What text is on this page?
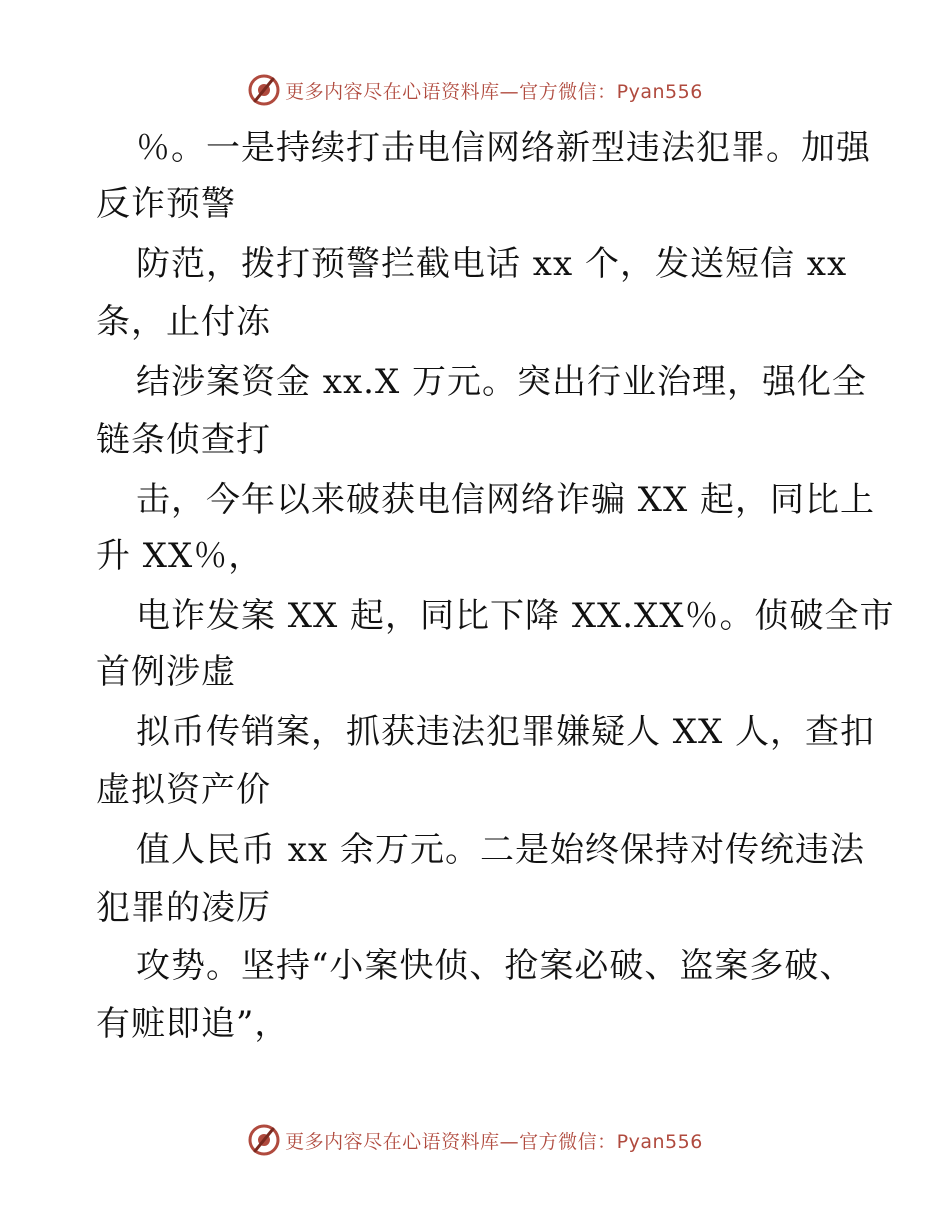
更多内容尽在心语资料库—官方微信：Pyan556
％。一是持续打击电信网络新型违法犯罪。加强
反诈预警
防范，拨打预警拦截电话 xx 个，发送短信 xx
条，止付冻
结涉案资金 xx.X 万元。突出行业治理，强化全
链条侦查打
击，今年以来破获电信网络诈骗 XX 起，同比上
升 XX％，
电诈发案 XX 起，同比下降 XX.XX％。侦破全市
首例涉虚
拟币传销案，抓获违法犯罪嫌疑人 XX 人，查扣
虚拟资产价
值人民币 xx 余万元。二是始终保持对传统违法
犯罪的凌厉
攻势。坚持“小案快侦、抢案必破、盗案多破、
有赃即追”，
更多内容尽在心语资料库—官方微信：Pyan556
